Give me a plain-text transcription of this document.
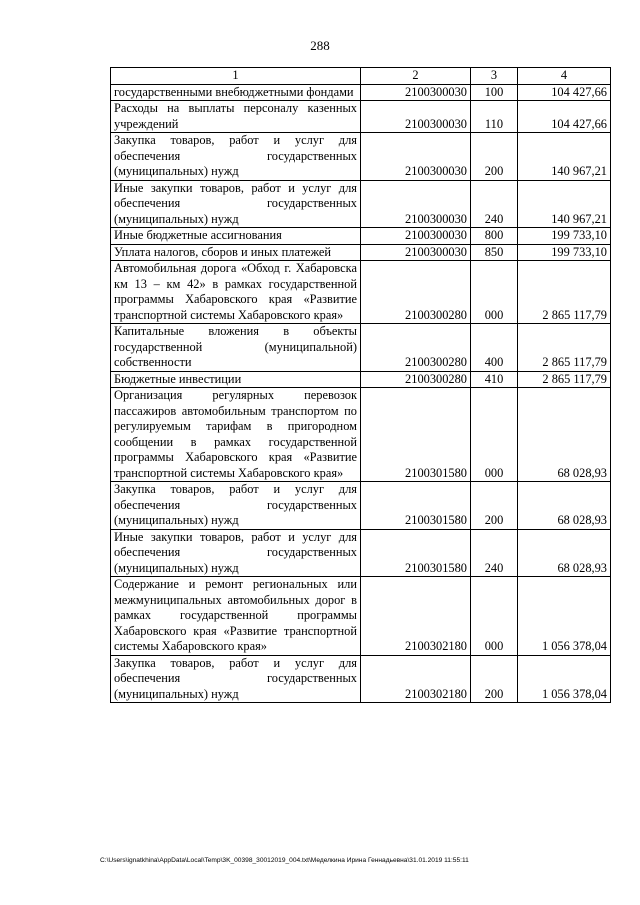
288
1	2	3	4
государственными внебюджетными фондами	2100300030	100	104 427,66
Расходы на выплаты персоналу казенных учреждений	2100300030	110	104 427,66
Закупка товаров, работ и услуг для обеспечения государственных (муниципальных) нужд	2100300030	200	140 967,21
Иные закупки товаров, работ и услуг для обеспечения государственных (муниципальных) нужд	2100300030	240	140 967,21
Иные бюджетные ассигнования	2100300030	800	199 733,10
Уплата налогов, сборов и иных платежей	2100300030	850	199 733,10
Автомобильная дорога «Обход г. Хабаровска км 13 – км 42» в рамках государственной программы Хабаровского края «Развитие транспортной системы Хабаровского края»	2100300280	000	2 865 117,79
Капитальные вложения в объекты государственной (муниципальной) собственности	2100300280	400	2 865 117,79
Бюджетные инвестиции	2100300280	410	2 865 117,79
Организация регулярных перевозок пассажиров автомобильным транспортом по регулируемым тарифам в пригородном сообщении в рамках государственной программы Хабаровского края «Развитие транспортной системы Хабаровского края»	2100301580	000	68 028,93
Закупка товаров, работ и услуг для обеспечения государственных (муниципальных) нужд	2100301580	200	68 028,93
Иные закупки товаров, работ и услуг для обеспечения государственных (муниципальных) нужд	2100301580	240	68 028,93
Содержание и ремонт региональных или межмуниципальных автомобильных дорог в рамках государственной программы Хабаровского края «Развитие транспортной системы Хабаровского края»	2100302180	000	1 056 378,04
Закупка товаров, работ и услуг для обеспечения государственных (муниципальных) нужд	2100302180	200	1 056 378,04
C:\Users\ignatkhina\AppData\Local\Temp\3K_00398_30012019_004.txt\Меделкина Ирина Геннадьевна\31.01.2019 11:55:11
